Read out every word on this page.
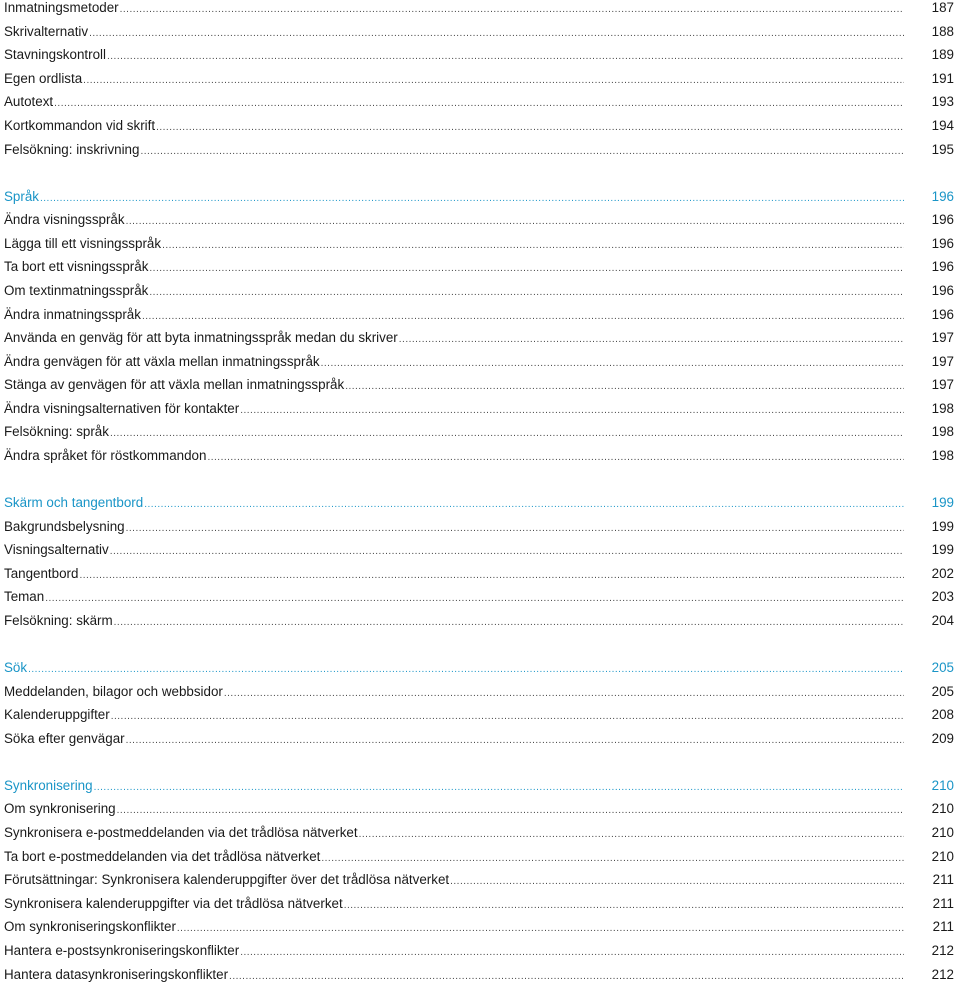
Inmatningsmetoder .....	187
Skrivalternativ .....	188
Stavningskontroll .....	189
Egen ordlista .....	191
Autotext .....	193
Kortkommandon vid skrift .....	194
Felsökning: inskrivning .....	195
Språk .....	196
Ändra visningsspråk .....	196
Lägga till ett visningsspråk .....	196
Ta bort ett visningsspråk .....	196
Om textinmatningsspråk .....	196
Ändra inmatningsspråk .....	196
Använda en genväg för att byta inmatningsspråk medan du skriver .....	197
Ändra genvägen för att växla mellan inmatningsspråk .....	197
Stänga av genvägen för att växla mellan inmatningsspråk .....	197
Ändra visningsalternativen för kontakter .....	198
Felsökning: språk .....	198
Ändra språket för röstkommandon .....	198
Skärm och tangentbord .....	199
Bakgrundsbelysning .....	199
Visningsalternativ .....	199
Tangentbord .....	202
Teman .....	203
Felsökning: skärm .....	204
Sök .....	205
Meddelanden, bilagor och webbsidor .....	205
Kalenderuppgifter .....	208
Söka efter genvägar .....	209
Synkronisering .....	210
Om synkronisering .....	210
Synkronisera e-postmeddelanden via det trådlösa nätverket .....	210
Ta bort e-postmeddelanden via det trådlösa nätverket .....	210
Förutsättningar: Synkronisera kalenderuppgifter över det trådlösa nätverket .....	211
Synkronisera kalenderuppgifter via det trådlösa nätverket .....	211
Om synkroniseringskonflikter .....	211
Hantera e-postsynkroniseringskonflikter .....	212
Hantera datasynkroniseringskonflikter .....	212
